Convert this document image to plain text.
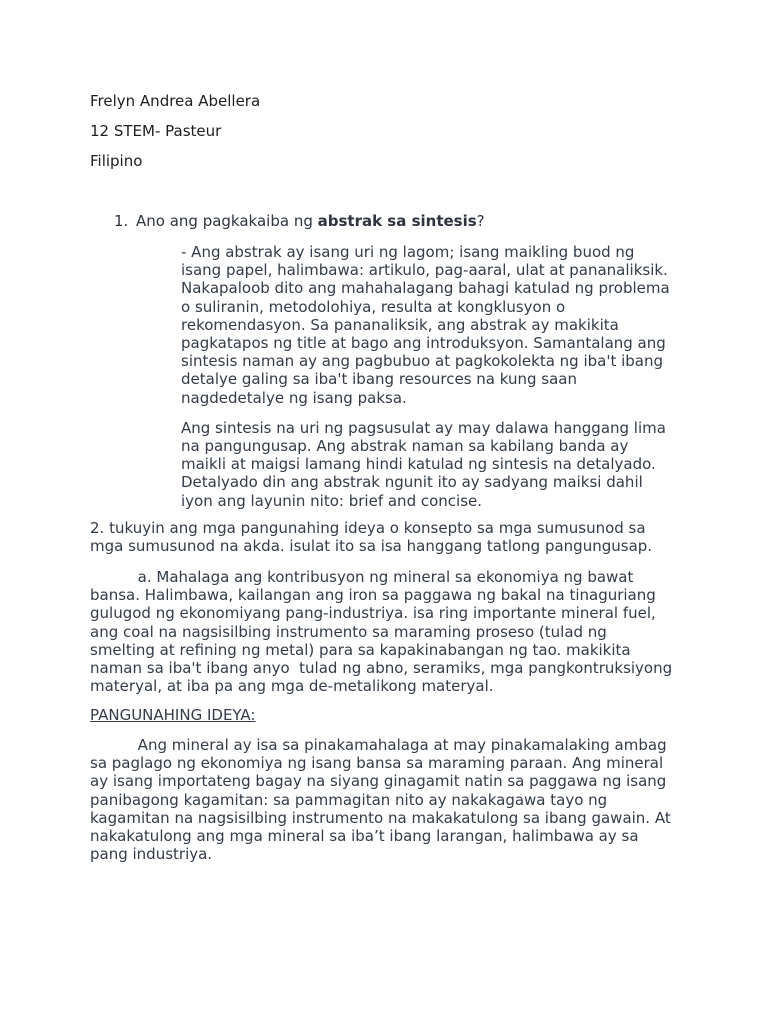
Frelyn Andrea Abellera
12 STEM- Pasteur
Filipino
1. Ano ang pagkakaiba ng abstrak sa sintesis?

- Ang abstrak ay isang uri ng lagom; isang maikling buod ng
isang papel, halimbawa: artikulo, pag-aaral, ulat at pananaliksik.
Nakapaloob dito ang mahahalagang bahagi katulad ng problema
o suliranin, metodolohiya, resulta at kongklusyon o
rekomendasyon. Sa pananaliksik, ang abstrak ay makikita
pagkatapos ng title at bago ang introduksyon. Samantalang ang
sintesis naman ay ang pagbubuo at pagkokolekta ng iba't ibang
detalye galing sa iba't ibang resources na kung saan
nagdedetalye ng isang paksa.

Ang sintesis na uri ng pagsusulat ay may dalawa hanggang lima
na pangungusap. Ang abstrak naman sa kabilang banda ay
maikli at maigsi lamang hindi katulad ng sintesis na detalyado.
Detalyado din ang abstrak ngunit ito ay sadyang maiksi dahil
iyon ang layunin nito: brief and concise.

2. tukuyin ang mga pangunahing ideya o konsepto sa mga sumusunod sa
mga sumusunod na akda. isulat ito sa isa hanggang tatlong pangungusap.
a. Mahalaga ang kontribusyon ng mineral sa ekonomiya ng bawat
bansa. Halimbawa, kailangan ang iron sa paggawa ng bakal na tinaguriang
gulugod ng ekonomiyang pang-industriya. isa ring importante mineral fuel,
ang coal na nagsisilbing instrumento sa maraming proseso (tulad ng
smelting at refining ng metal) para sa kapakinabangan ng tao. makikita
naman sa iba't ibang anyo  tulad ng abno, seramiks, mga pangkontruksiyong
materyal, at iba pa ang mga de-metalikong materyal.
PANGUNAHING IDEYA:
Ang mineral ay isa sa pinakamahalaga at may pinakamalaking ambag
sa paglago ng ekonomiya ng isang bansa sa maraming paraan. Ang mineral
ay isang importateng bagay na siyang ginagamit natin sa paggawa ng isang
panibagong kagamitan: sa pammagitan nito ay nakakagawa tayo ng
kagamitan na nagsisilbing instrumento na makakatulong sa ibang gawain. At
nakakatulong ang mga mineral sa iba’t ibang larangan, halimbawa ay sa
pang industriya.
